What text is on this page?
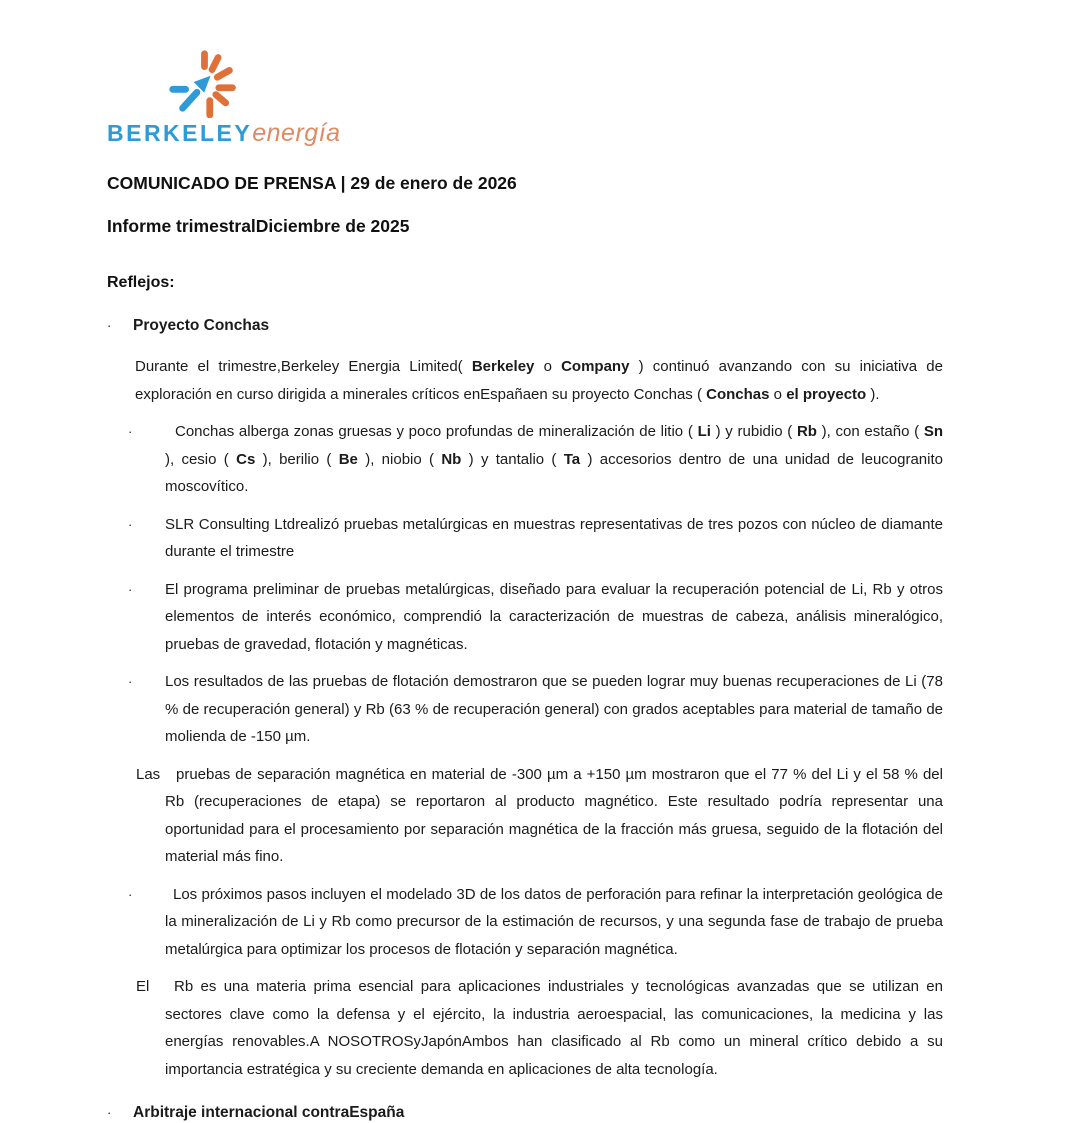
BERKELEYenergía
COMUNICADO DE PRENSA | 29 de enero de 2026
Informe trimestralDiciembre de 2025
Reflejos:
·	Proyecto Conchas
Durante el trimestre,Berkeley Energia Limited( Berkeley o Company ) continuó avanzando con su iniciativa de exploración en curso dirigida a minerales críticos enEspañaen su proyecto Conchas ( Conchas o el proyecto ).
·	Conchas alberga zonas gruesas y poco profundas de mineralización de litio ( Li ) y rubidio ( Rb ), con estaño ( Sn ), cesio ( Cs ), berilio ( Be ), niobio ( Nb ) y tantalio ( Ta ) accesorios dentro de una unidad de leucogranito moscovítico.
·	SLR Consulting Ltdrealizó pruebas metalúrgicas en muestras representativas de tres pozos con núcleo de diamante durante el trimestre
·	El programa preliminar de pruebas metalúrgicas, diseñado para evaluar la recuperación potencial de Li, Rb y otros elementos de interés económico, comprendió la caracterización de muestras de cabeza, análisis mineralógico, pruebas de gravedad, flotación y magnéticas.
·	Los resultados de las pruebas de flotación demostraron que se pueden lograr muy buenas recuperaciones de Li (78 % de recuperación general) y Rb (63 % de recuperación general) con grados aceptables para material de tamaño de molienda de -150 µm.
Las	pruebas de separación magnética en material de -300 µm a +150 µm mostraron que el 77 % del Li y el 58 % del Rb (recuperaciones de etapa) se reportaron al producto magnético. Este resultado podría representar una oportunidad para el procesamiento por separación magnética de la fracción más gruesa, seguido de la flotación del material más fino.
·	Los próximos pasos incluyen el modelado 3D de los datos de perforación para refinar la interpretación geológica de la mineralización de Li y Rb como precursor de la estimación de recursos, y una segunda fase de trabajo de prueba metalúrgica para optimizar los procesos de flotación y separación magnética.
El	Rb es una materia prima esencial para aplicaciones industriales y tecnológicas avanzadas que se utilizan en sectores clave como la defensa y el ejército, la industria aeroespacial, las comunicaciones, la medicina y las energías renovables.A NOSOTROSyJapónAmbos han clasificado al Rb como un mineral crítico debido a su importancia estratégica y su creciente demanda en aplicaciones de alta tecnología.
·	Arbitraje internacional contraEspaña
